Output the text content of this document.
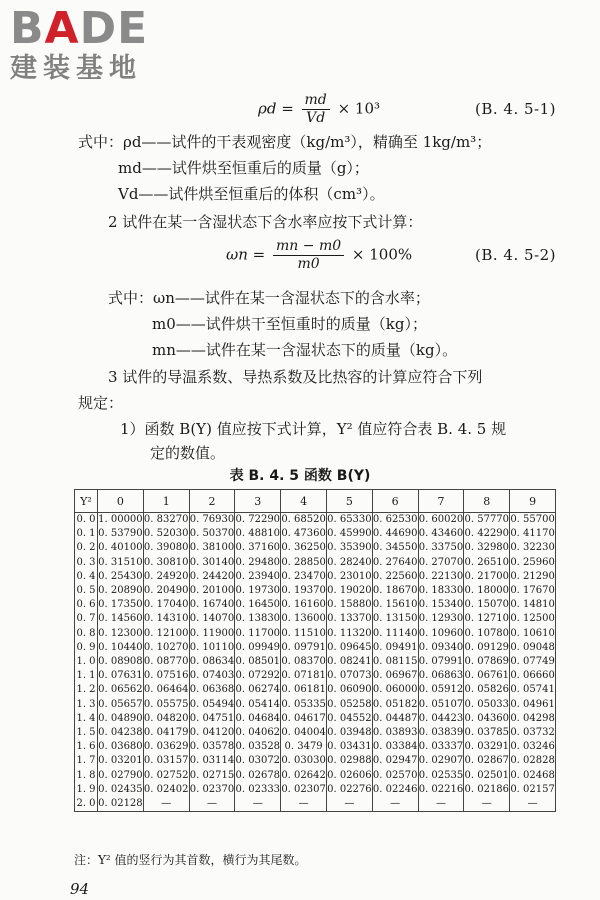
BADE
建装基地
$\rho d = \frac{md}{Vd} \times 10^3$	(B. 4. 5-1)
式中：ρd——试件的干表观密度（kg/m³），精确至 1kg/m³；
md——试件烘至恒重后的质量（g）；
Vd——试件烘至恒重后的体积（cm³）。
2 试件在某一含湿状态下含水率应按下式计算：
$\omega n = \frac{mn - m0}{m0} \times 100\%$	(B. 4. 5-2)
式中：ωn——试件在某一含湿状态下的含水率；
m0——试件烘干至恒重时的质量（kg）；
mn——试件在某一含湿状态下的质量（kg）。
3 试件的导温系数、导热系数及比热容的计算应符合下列
规定：
1）函数 B(Y) 值应按下式计算，Y² 值应符合表 B. 4. 5 规
定的数值。
表 B. 4. 5 函数 B(Y)
Y²	0	1	2	3	4	5	6	7	8	9
0. 0	1. 00000	0. 83270	0. 76930	0. 72290	0. 68520	0. 65330	0. 62530	0. 60020	0. 57770	0. 55700
0. 1	0. 53790	0. 52030	0. 50370	0. 48810	0. 47360	0. 45990	0. 44690	0. 43460	0. 42290	0. 41170
0. 2	0. 40100	0. 39080	0. 38100	0. 37160	0. 36250	0. 35390	0. 34550	0. 33750	0. 32980	0. 32230
0. 3	0. 31510	0. 30810	0. 30140	0. 29480	0. 28850	0. 28240	0. 27640	0. 27070	0. 26510	0. 25960
0. 4	0. 25430	0. 24920	0. 24420	0. 23940	0. 23470	0. 23010	0. 22560	0. 22130	0. 21700	0. 21290
0. 5	0. 20890	0. 20490	0. 20100	0. 19730	0. 19370	0. 19020	0. 18670	0. 18330	0. 18000	0. 17670
0. 6	0. 17350	0. 17040	0. 16740	0. 16450	0. 16160	0. 15880	0. 15610	0. 15340	0. 15070	0. 14810
0. 7	0. 14560	0. 14310	0. 14070	0. 13830	0. 13600	0. 13370	0. 13150	0. 12930	0. 12710	0. 12500
0. 8	0. 12300	0. 12100	0. 11900	0. 11700	0. 11510	0. 11320	0. 11140	0. 10960	0. 10780	0. 10610
0. 9	0. 10440	0. 10270	0. 10110	0. 09949	0. 09791	0. 09645	0. 09491	0. 09340	0. 09129	0. 09048
1. 0	0. 08908	0. 08770	0. 08634	0. 08501	0. 08370	0. 08241	0. 08115	0. 07991	0. 07869	0. 07749
1. 1	0. 07631	0. 07516	0. 07403	0. 07292	0. 07181	0. 07073	0. 06967	0. 06863	0. 06761	0. 06660
1. 2	0. 06562	0. 06464	0. 06368	0. 06274	0. 06181	0. 06090	0. 06000	0. 05912	0. 05826	0. 05741
1. 3	0. 05657	0. 05575	0. 05494	0. 05414	0. 05335	0. 05258	0. 05182	0. 05107	0. 05033	0. 04961
1. 4	0. 04890	0. 04820	0. 04751	0. 04684	0. 04617	0. 04552	0. 04487	0. 04423	0. 04360	0. 04298
1. 5	0. 04238	0. 04179	0. 04120	0. 04062	0. 04004	0. 03948	0. 03893	0. 03839	0. 03785	0. 03732
1. 6	0. 03680	0. 03629	0. 03578	0. 03528	0. 3479	0. 03431	0. 03384	0. 03337	0. 03291	0. 03246
1. 7	0. 03201	0. 03157	0. 03114	0. 03072	0. 03030	0. 02988	0. 02947	0. 02907	0. 02867	0. 02828
1. 8	0. 02790	0. 02752	0. 02715	0. 02678	0. 02642	0. 02606	0. 02570	0. 02535	0. 02501	0. 02468
1. 9	0. 02435	0. 02402	0. 02370	0. 02333	0. 02307	0. 02276	0. 02246	0. 02216	0. 02186	0. 02157
2. 0	0. 02128	—	—	—	—	—	—	—	—	—
注：Y² 值的竖行为其首数，横行为其尾数。
94
